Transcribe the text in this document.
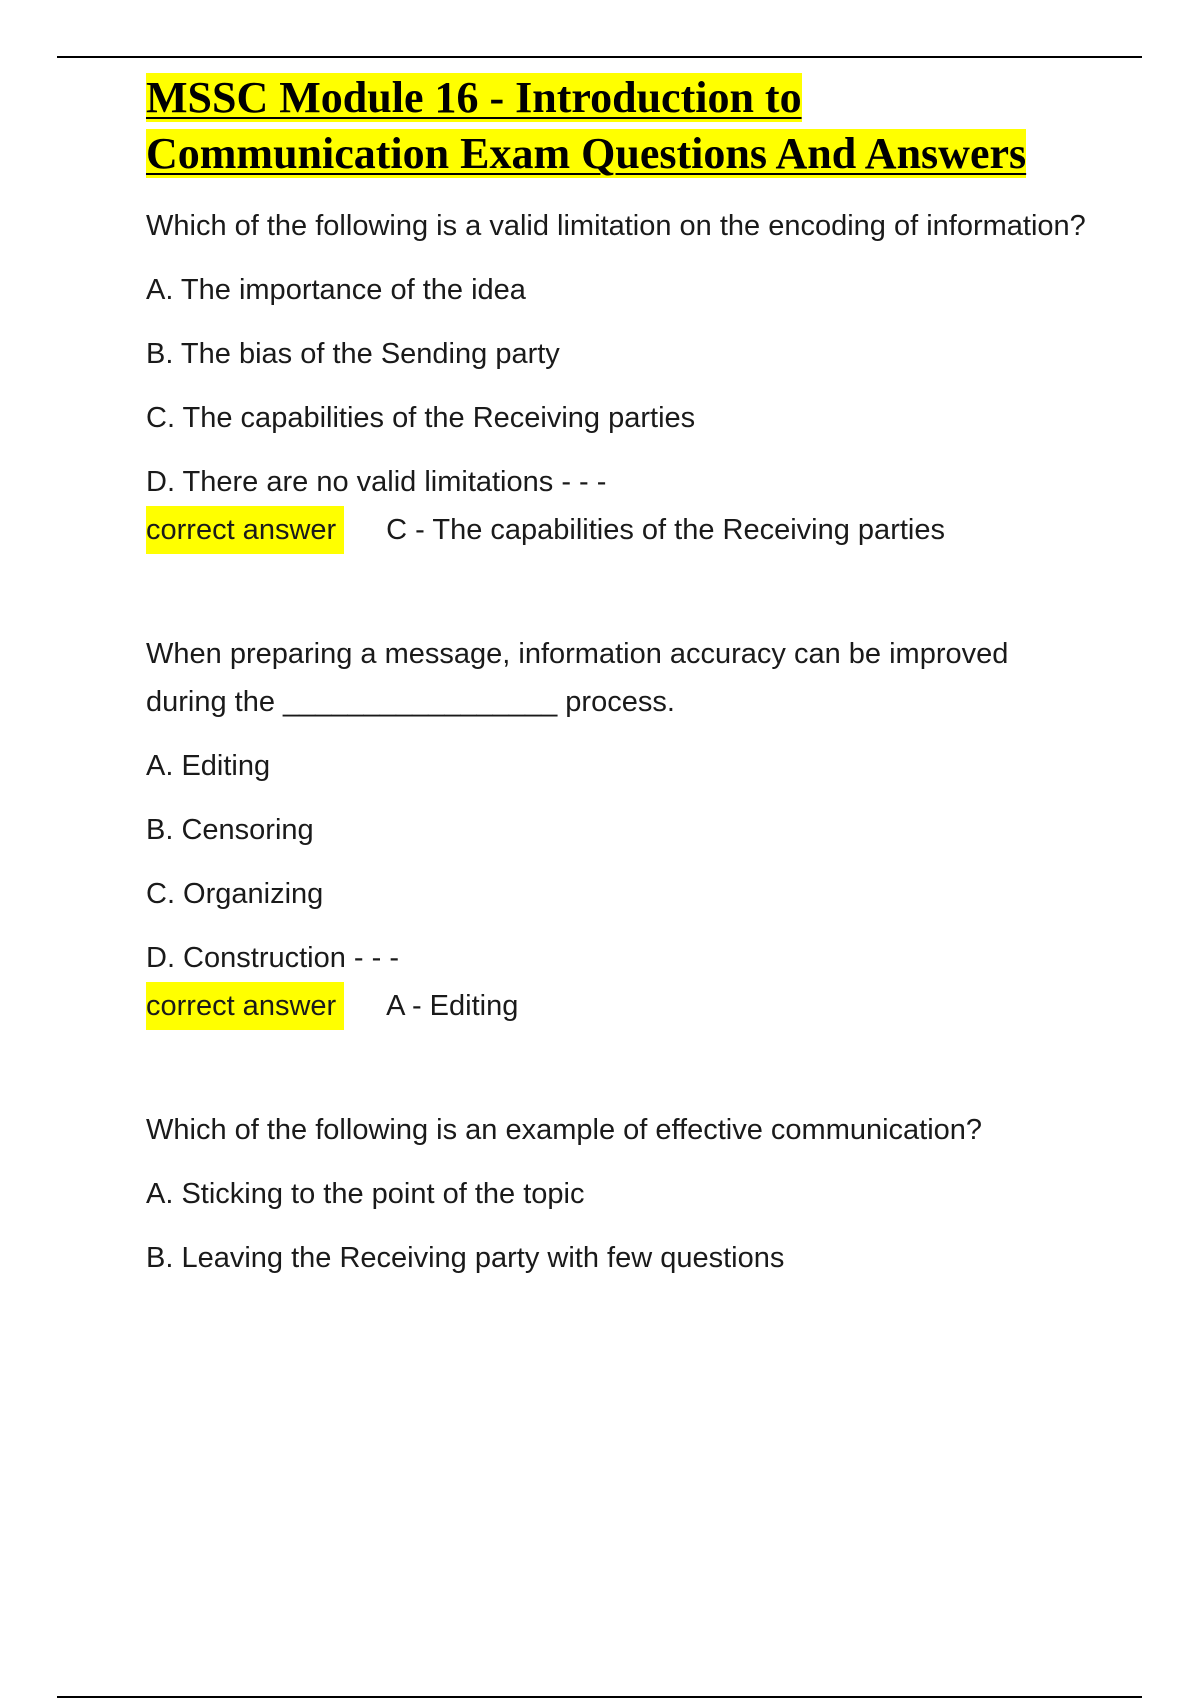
MSSC Module 16 - Introduction to Communication Exam Questions And Answers

Which of the following is a valid limitation on the encoding of information?

A. The importance of the idea

B. The bias of the Sending party

C. The capabilities of the Receiving parties

D. There are no valid limitations - - -

correct answer C - The capabilities of the Receiving parties

When preparing a message, information accuracy can be improved during the _________________ process.

A. Editing

B. Censoring

C. Organizing

D. Construction - - -

correct answer A - Editing

Which of the following is an example of effective communication?

A. Sticking to the point of the topic

B. Leaving the Receiving party with few questions
